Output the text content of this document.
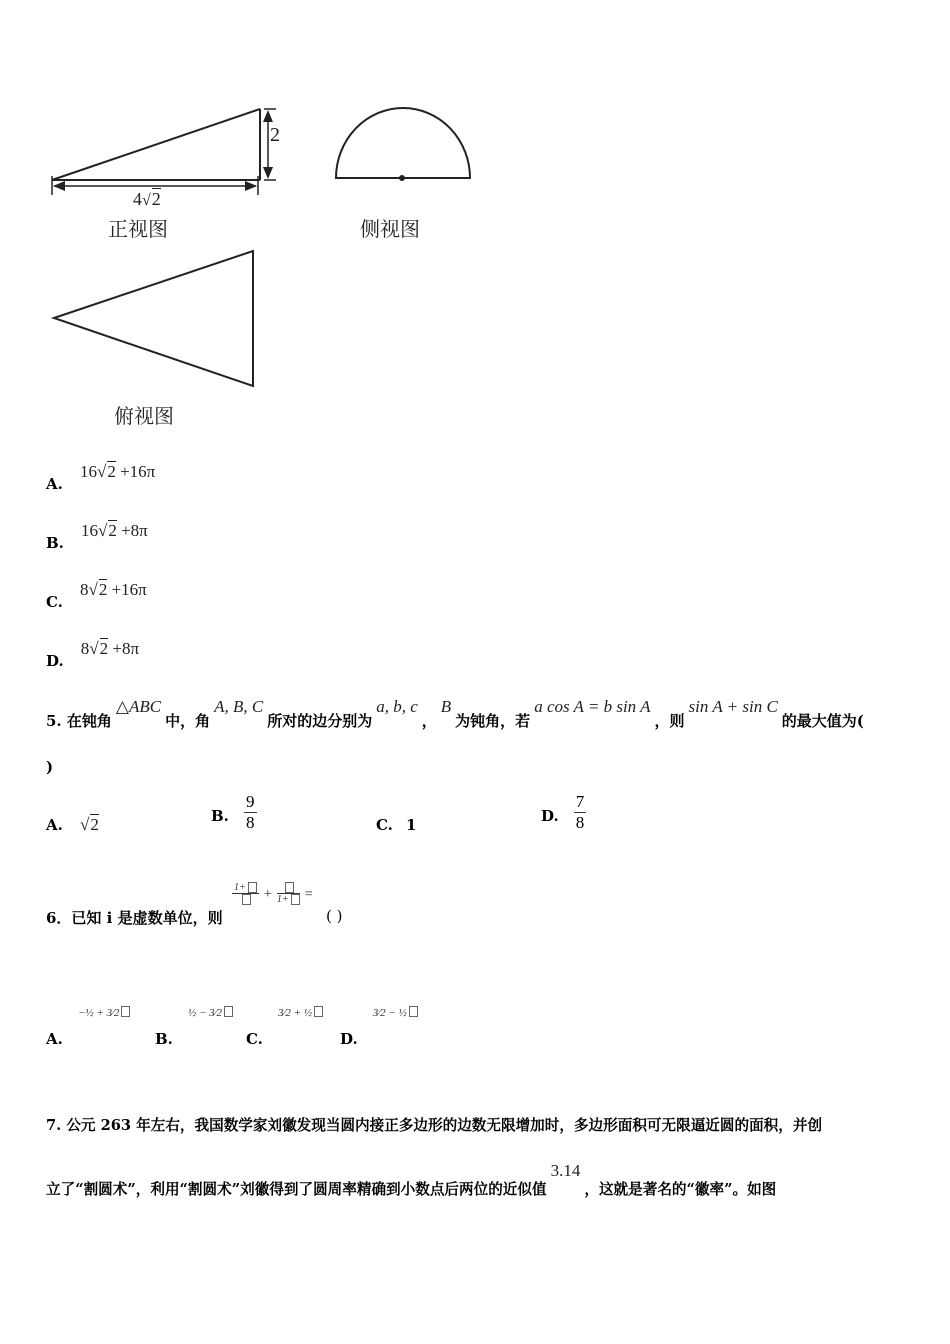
2
4√2
正视图	侧视图
俯视图
A. 16√2 +16π
B. 16√2 +8π
C. 8√2 +16π
D. 8√2 +8π
5. 在钝角△ABC中，角A, B, C所对的边分别为a, b, c，B为钝角，若a cos A = b sin A，则sin A + sin C的最大值为(
)
A. √2	B. $\frac{9}{8}$	C. 1	D. $\frac{7}{8}$
6．已知 i 是虚数单位，则
1+	+ 1+	=
( )
A. −½ + 3⁄2
B. ½ − 3⁄2
C. 3⁄2 + ½
D. 3⁄2 − ½
7. 公元 263 年左右，我国数学家刘徽发现当圆内接正多边形的边数无限增加时，多边形面积可无限逼近圆的面积，并创
立了“割圆术”，利用“割圆术”刘徽得到了圆周率精确到小数点后两位的近似值3.14，这就是著名的“徽率”。如图
